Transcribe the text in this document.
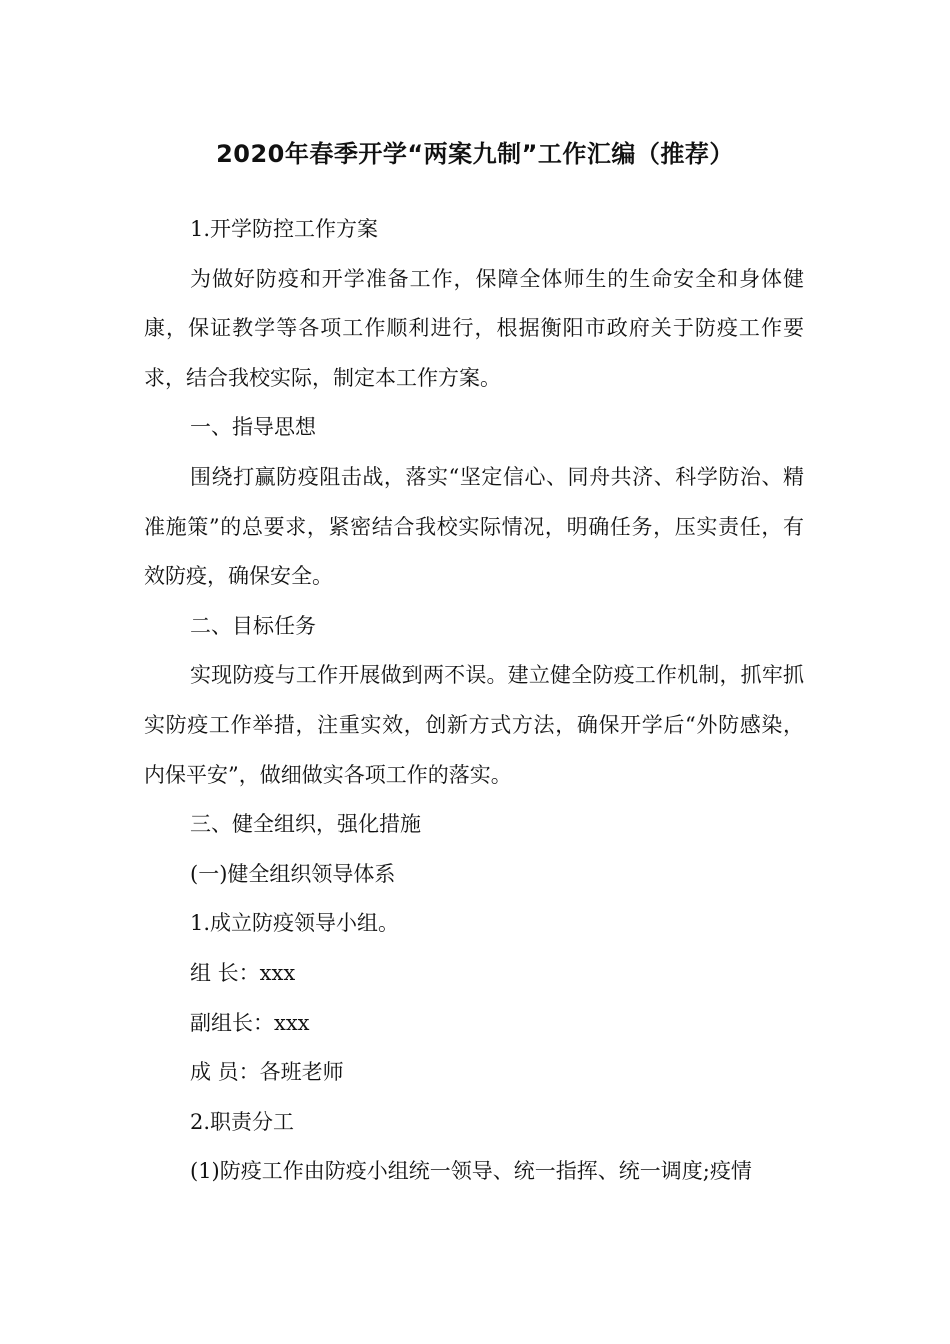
2020年春季开学“两案九制”工作汇编（推荐）

1.开学防控工作方案

为做好防疫和开学准备工作，保障全体师生的生命安全和身体健康，保证教学等各项工作顺利进行，根据衡阳市政府关于防疫工作要求，结合我校实际，制定本工作方案。

一、指导思想

围绕打赢防疫阻击战，落实“坚定信心、同舟共济、科学防治、精准施策”的总要求，紧密结合我校实际情况，明确任务，压实责任，有效防疫，确保安全。

二、目标任务

实现防疫与工作开展做到两不误。建立健全防疫工作机制，抓牢抓实防疫工作举措，注重实效，创新方式方法，确保开学后“外防感染，内保平安”，做细做实各项工作的落实。

三、健全组织，强化措施

(一)健全组织领导体系

1.成立防疫领导小组。

组 长：xxx

副组长：xxx

成 员：各班老师

2.职责分工

(1)防疫工作由防疫小组统一领导、统一指挥、统一调度;疫情
